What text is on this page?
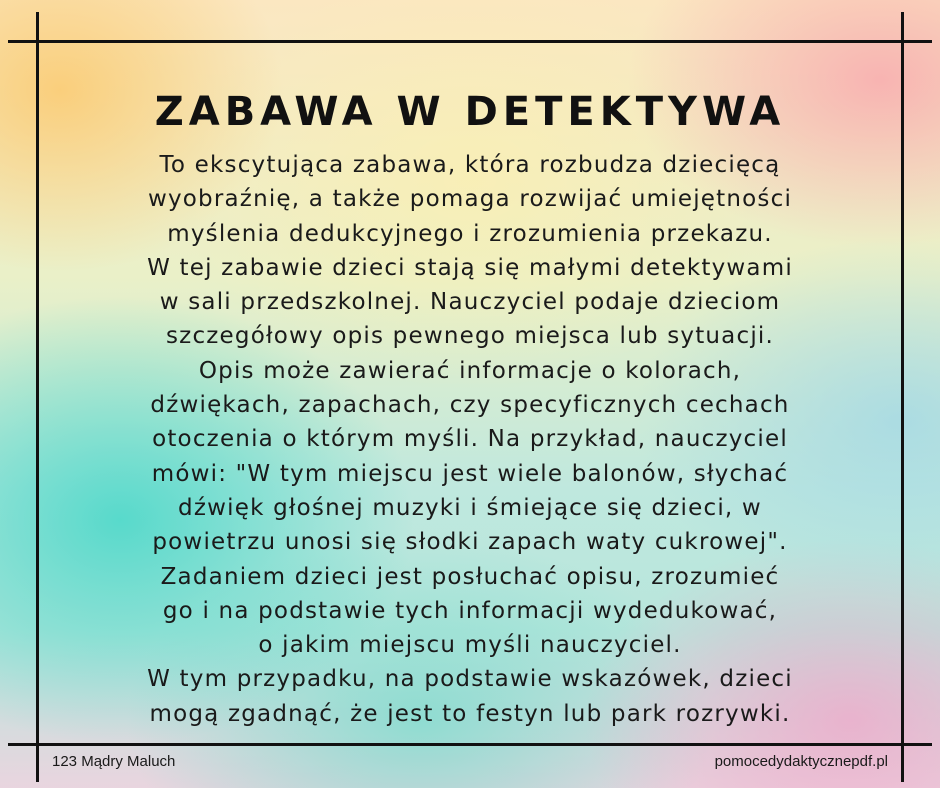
ZABAWA W DETEKTYWA
To ekscytująca zabawa, która rozbudza dziecięcą
wyobraźnię, a także pomaga rozwijać umiejętności
myślenia dedukcyjnego i zrozumienia przekazu.
W tej zabawie dzieci stają się małymi detektywami
w sali przedszkolnej. Nauczyciel podaje dzieciom
szczegółowy opis pewnego miejsca lub sytuacji.
Opis może zawierać informacje o kolorach,
dźwiękach, zapachach, czy specyficznych cechach
otoczenia o którym myśli. Na przykład, nauczyciel
mówi: "W tym miejscu jest wiele balonów, słychać
dźwięk głośnej muzyki i śmiejące się dzieci, w
powietrzu unosi się słodki zapach waty cukrowej".
Zadaniem dzieci jest posłuchać opisu, zrozumieć
go i na podstawie tych informacji wydedukować,
o jakim miejscu myśli nauczyciel.
W tym przypadku, na podstawie wskazówek, dzieci
mogą zgadnąć, że jest to festyn lub park rozrywki.
123 Mądry Maluch	pomocedydaktycznepdf.pl
